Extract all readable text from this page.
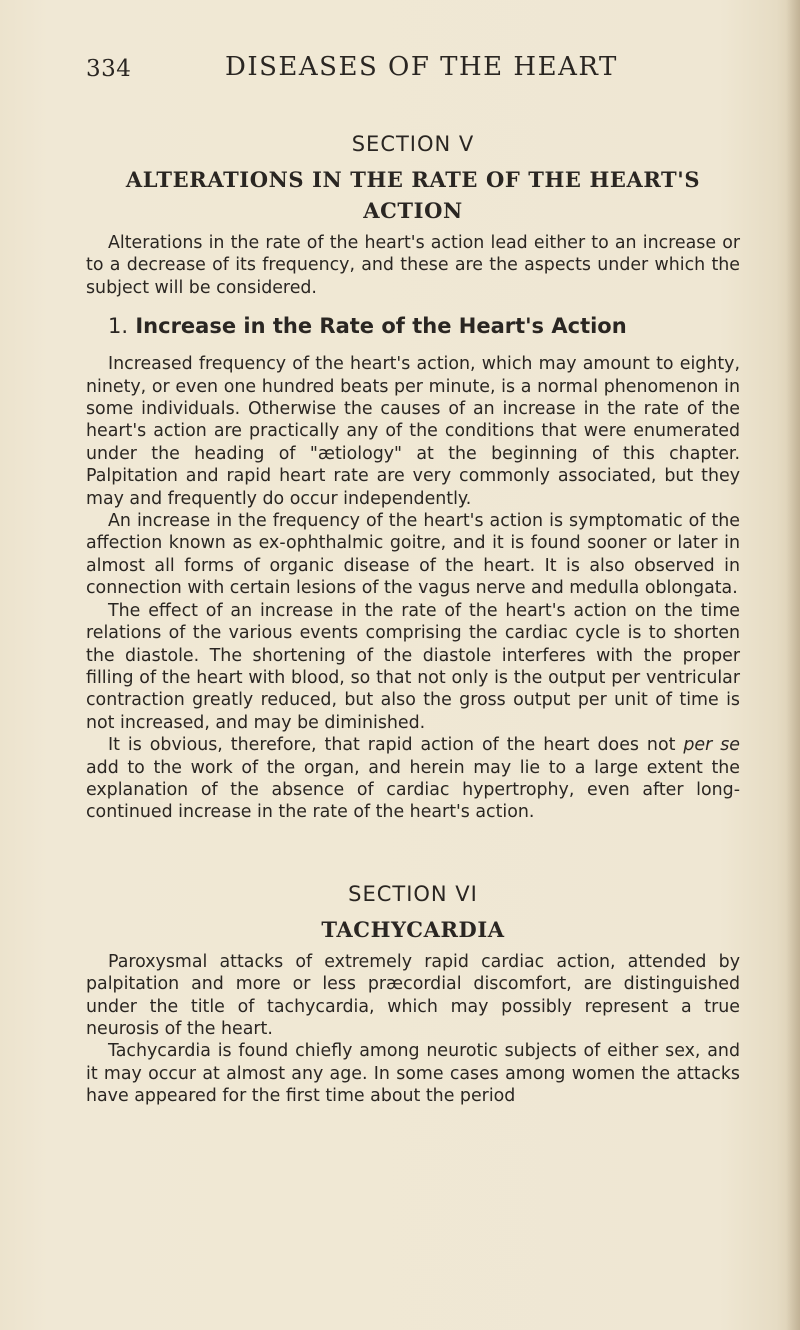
334	DISEASES OF THE HEART
SECTION V
ALTERATIONS IN THE RATE OF THE HEART'S
ACTION

Alterations in the rate of the heart's action lead either to an increase or to a decrease of its frequency, and these are the aspects under which the subject will be considered.

1. Increase in the Rate of the Heart's Action

Increased frequency of the heart's action, which may amount to eighty, ninety, or even one hundred beats per minute, is a normal phenomenon in some individuals. Otherwise the causes of an increase in the rate of the heart's action are practically any of the conditions that were enumerated under the heading of "ætiology" at the beginning of this chapter. Palpitation and rapid heart rate are very commonly associated, but they may and frequently do occur independently.

An increase in the frequency of the heart's action is symptomatic of the affection known as ex-ophthalmic goitre, and it is found sooner or later in almost all forms of organic disease of the heart. It is also observed in connection with certain lesions of the vagus nerve and medulla oblongata.

The effect of an increase in the rate of the heart's action on the time relations of the various events comprising the cardiac cycle is to shorten the diastole. The shortening of the diastole interferes with the proper filling of the heart with blood, so that not only is the output per ventricular contraction greatly reduced, but also the gross output per unit of time is not increased, and may be diminished.

It is obvious, therefore, that rapid action of the heart does not per se add to the work of the organ, and herein may lie to a large extent the explanation of the absence of cardiac hypertrophy, even after long-continued increase in the rate of the heart's action.

SECTION VI
TACHYCARDIA

Paroxysmal attacks of extremely rapid cardiac action, attended by palpitation and more or less præcordial discomfort, are distinguished under the title of tachycardia, which may possibly represent a true neurosis of the heart.

Tachycardia is found chiefly among neurotic subjects of either sex, and it may occur at almost any age. In some cases among women the attacks have appeared for the first time about the period
